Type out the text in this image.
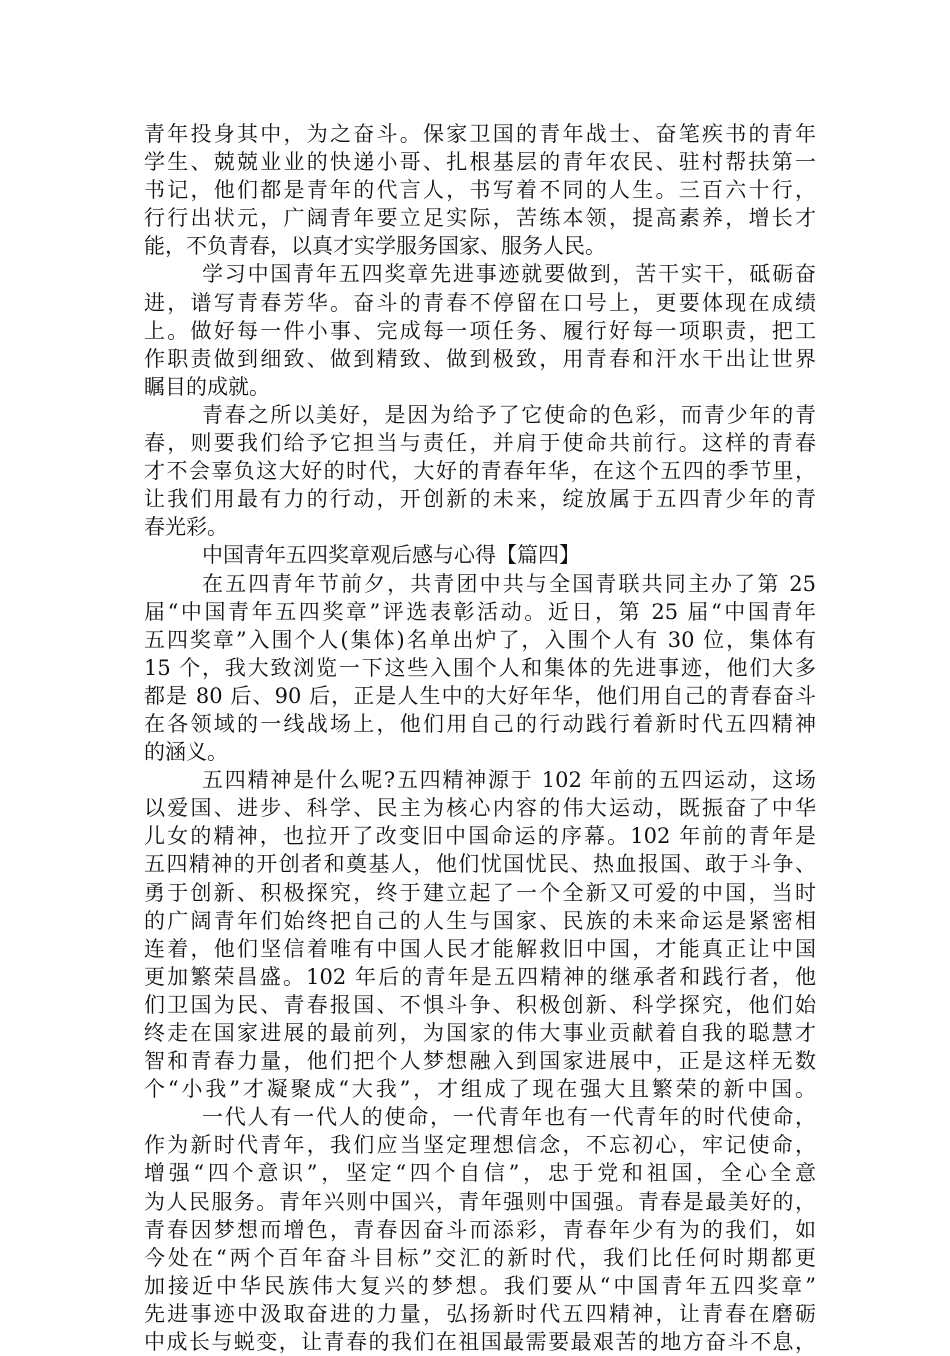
青年投身其中，为之奋斗。保家卫国的青年战士、奋笔疾书的青年
学生、兢兢业业的快递小哥、扎根基层的青年农民、驻村帮扶第一
书记，他们都是青年的代言人，书写着不同的人生。三百六十行，
行行出状元，广阔青年要立足实际，苦练本领，提高素养，增长才
能，不负青春，以真才实学服务国家、服务人民。
学习中国青年五四奖章先进事迹就要做到，苦干实干，砥砺奋
进，谱写青春芳华。奋斗的青春不停留在口号上，更要体现在成绩
上。做好每一件小事、完成每一项任务、履行好每一项职责，把工
作职责做到细致、做到精致、做到极致，用青春和汗水干出让世界
瞩目的成就。
青春之所以美好，是因为给予了它使命的色彩，而青少年的青
春，则要我们给予它担当与责任，并肩于使命共前行。这样的青春
才不会辜负这大好的时代，大好的青春年华，在这个五四的季节里，
让我们用最有力的行动，开创新的未来，绽放属于五四青少年的青
春光彩。
中国青年五四奖章观后感与心得【篇四】
在五四青年节前夕，共青团中共与全国青联共同主办了第 25
届“中国青年五四奖章”评选表彰活动。近日，第 25 届“中国青年
五四奖章”入围个人(集体)名单出炉了，入围个人有 30 位，集体有
15 个，我大致浏览一下这些入围个人和集体的先进事迹，他们大多
都是 80 后、90 后，正是人生中的大好年华，他们用自己的青春奋斗
在各领域的一线战场上，他们用自己的行动践行着新时代五四精神
的涵义。
五四精神是什么呢?五四精神源于 102 年前的五四运动，这场
以爱国、进步、科学、民主为核心内容的伟大运动，既振奋了中华
儿女的精神，也拉开了改变旧中国命运的序幕。102 年前的青年是
五四精神的开创者和奠基人，他们忧国忧民、热血报国、敢于斗争、
勇于创新、积极探究，终于建立起了一个全新又可爱的中国，当时
的广阔青年们始终把自己的人生与国家、民族的未来命运是紧密相
连着，他们坚信着唯有中国人民才能解救旧中国，才能真正让中国
更加繁荣昌盛。102 年后的青年是五四精神的继承者和践行者，他
们卫国为民、青春报国、不惧斗争、积极创新、科学探究，他们始
终走在国家进展的最前列，为国家的伟大事业贡献着自我的聪慧才
智和青春力量，他们把个人梦想融入到国家进展中，正是这样无数
个“小我”才凝聚成“大我”，才组成了现在强大且繁荣的新中国。
一代人有一代人的使命，一代青年也有一代青年的时代使命，
作为新时代青年，我们应当坚定理想信念，不忘初心，牢记使命，
增强“四个意识”，坚定“四个自信”，忠于党和祖国，全心全意
为人民服务。青年兴则中国兴，青年强则中国强。青春是最美好的，
青春因梦想而增色，青春因奋斗而添彩，青春年少有为的我们，如
今处在“两个百年奋斗目标”交汇的新时代，我们比任何时期都更
加接近中华民族伟大复兴的梦想。我们要从“中国青年五四奖章”
先进事迹中汲取奋进的力量，弘扬新时代五四精神，让青春在磨砺
中成长与蜕变，让青春的我们在祖国最需要最艰苦的地方奋斗不息，
